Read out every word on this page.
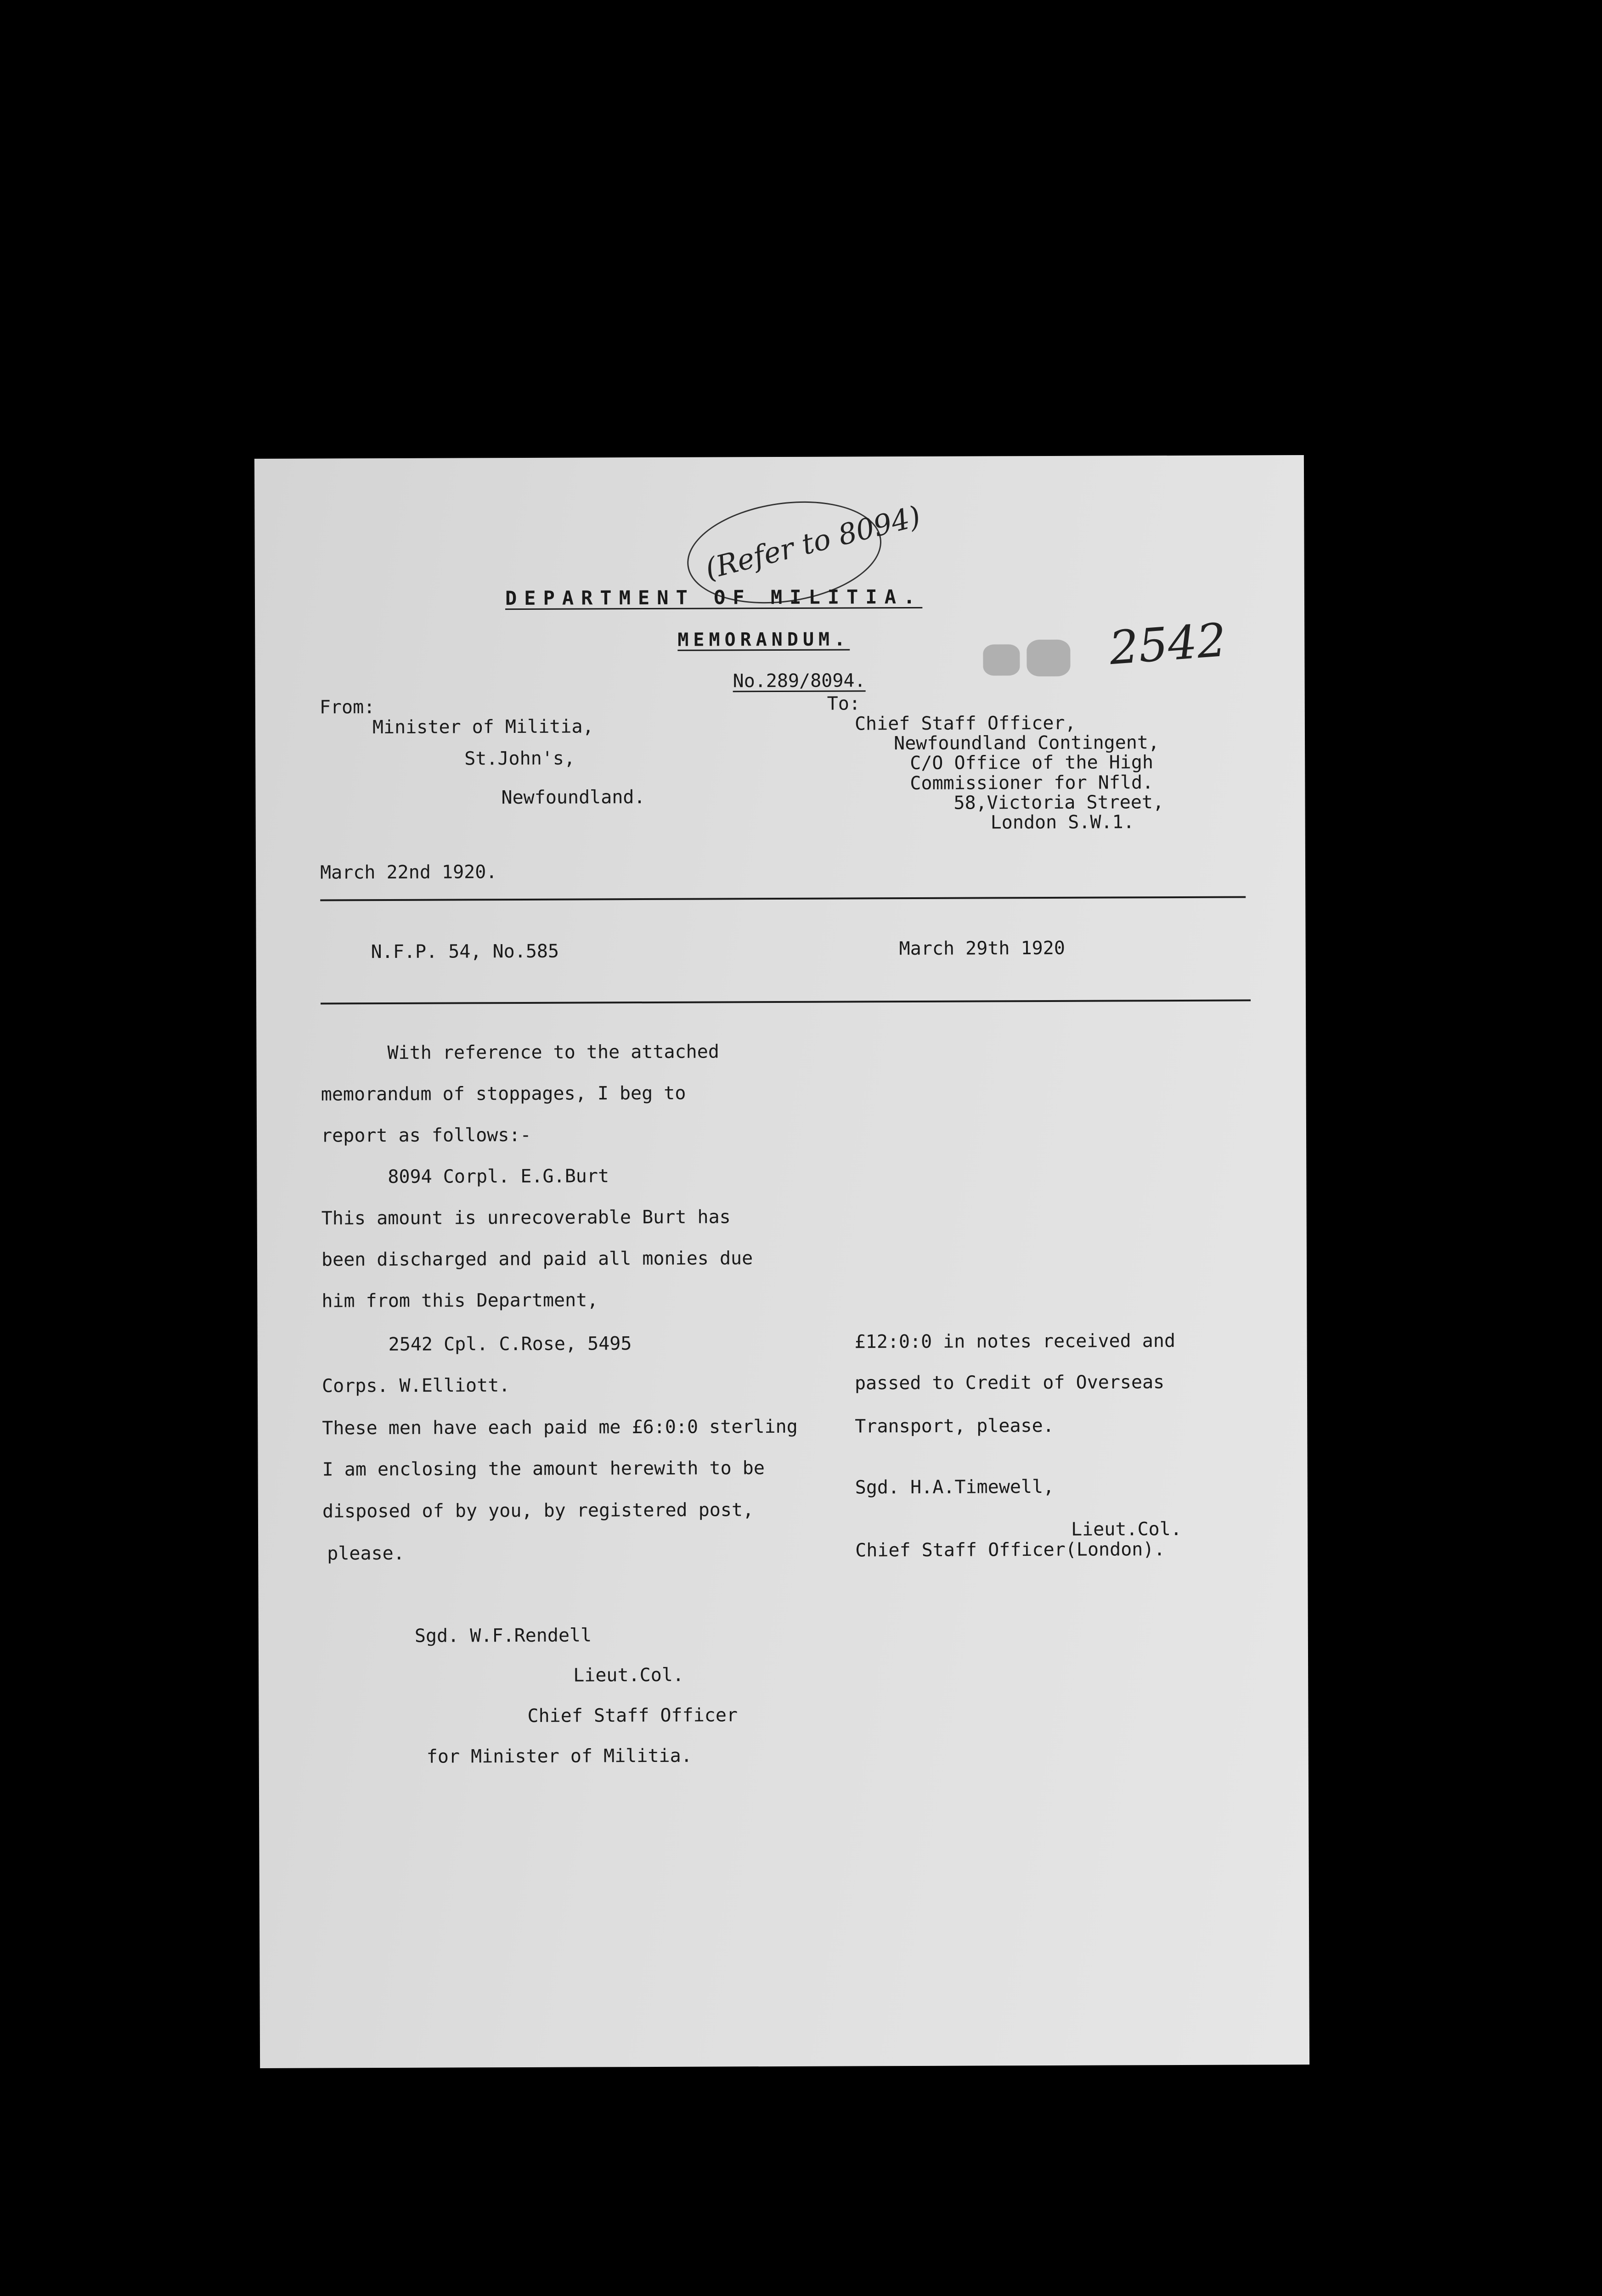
(Refer to 8094)
2542
DEPARTMENT OF MILITIA.
MEMORANDUM.
No.289/8094.
From:
Minister of Militia,
St.John's,
Newfoundland.
To:
Chief Staff Officer,
Newfoundland Contingent,
C/O Office of the High
Commissioner for Nfld.
58,Victoria Street,
London S.W.1.
March 22nd 1920.
N.F.P. 54, No.585	March 29th 1920
With reference to the attached
memorandum of stoppages, I beg to
report as follows:-
8094 Corpl. E.G.Burt
This amount is unrecoverable Burt has
been discharged and paid all monies due
him from this Department,
2542 Cpl. C.Rose, 5495
Corps. W.Elliott.
These men have each paid me £6:0:0 sterling
I am enclosing the amount herewith to be
disposed of by you, by registered post,
please.
£12:0:0 in notes received and
passed to Credit of Overseas
Transport, please.
Sgd. H.A.Timewell,
Lieut.Col.
Chief Staff Officer(London).
Sgd. W.F.Rendell
Lieut.Col.
Chief Staff Officer
for Minister of Militia.
